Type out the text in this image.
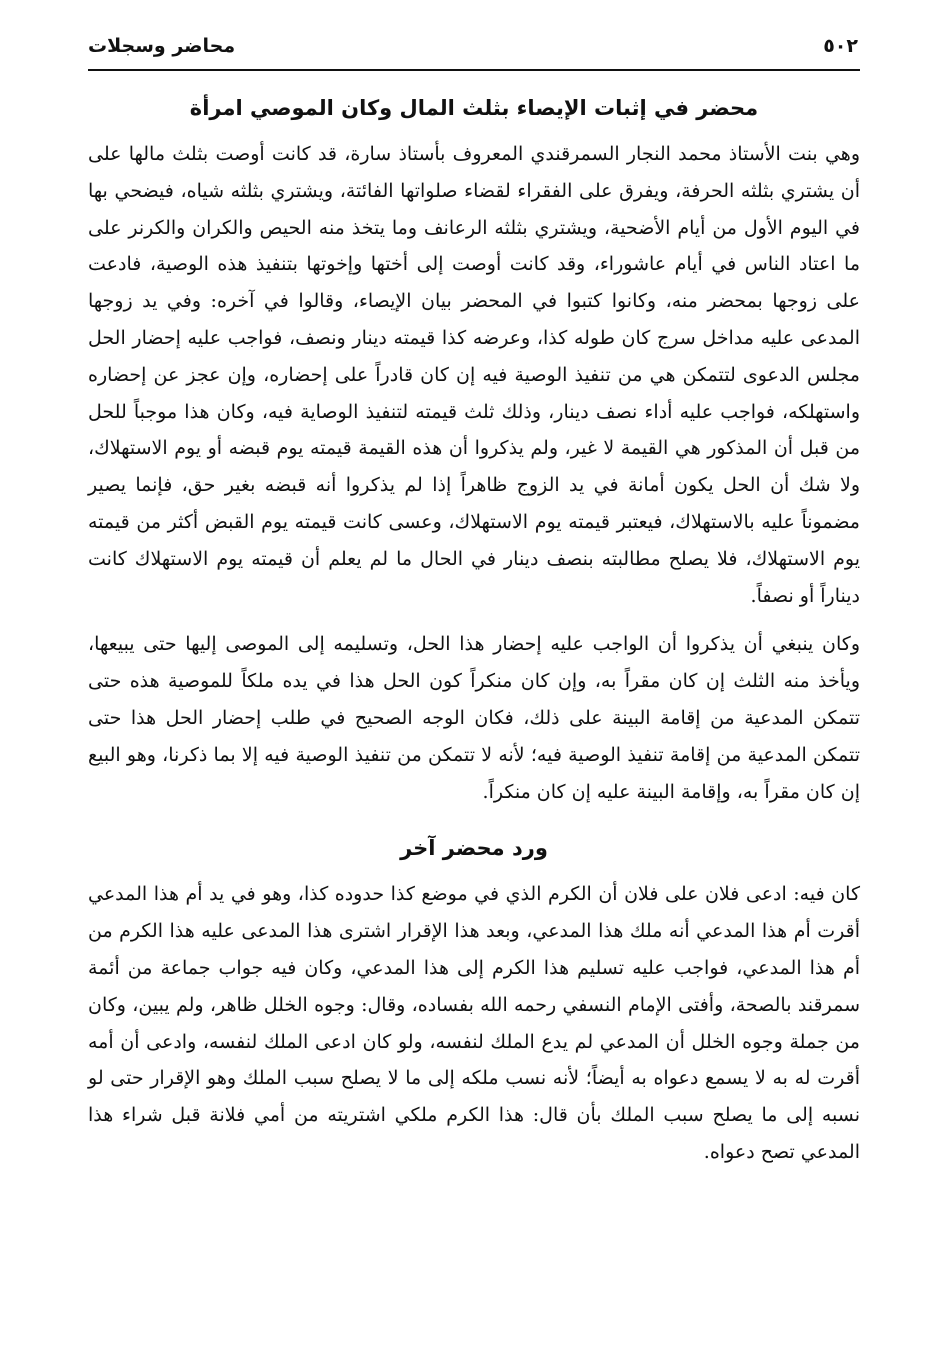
٥٠٢
محاضر وسجلات
محضر في إثبات الإيصاء بثلث المال وكان الموصي امرأة

وهي بنت الأستاذ محمد النجار السمرقندي المعروف بأستاذ سارة، قد كانت أوصت بثلث مالها على أن يشتري بثلثه الحرفة، ويفرق على الفقراء لقضاء صلواتها الفائتة، ويشتري بثلثه شياه، فيضحي بها في اليوم الأول من أيام الأضحية، ويشتري بثلثه الرعانف وما يتخذ منه الحيص والكران والكرنر على ما اعتاد الناس في أيام عاشوراء، وقد كانت أوصت إلى أختها وإخوتها بتنفيذ هذه الوصية، فادعت على زوجها بمحضر منه، وكانوا كتبوا في المحضر بيان الإيصاء، وقالوا في آخره: وفي يد زوجها المدعى عليه مداخل سرج كان طوله كذا، وعرضه كذا قيمته دينار ونصف، فواجب عليه إحضار الحل مجلس الدعوى لتتمكن هي من تنفيذ الوصية فيه إن كان قادراً على إحضاره، وإن عجز عن إحضاره واستهلكه، فواجب عليه أداء نصف دينار، وذلك ثلث قيمته لتنفيذ الوصاية فيه، وكان هذا موجباً للحل من قبل أن المذكور هي القيمة لا غير، ولم يذكروا أن هذه القيمة قيمته يوم قبضه أو يوم الاستهلاك، ولا شك أن الحل يكون أمانة في يد الزوج ظاهراً إذا لم يذكروا أنه قبضه بغير حق، فإنما يصير مضموناً عليه بالاستهلاك، فيعتبر قيمته يوم الاستهلاك، وعسى كانت قيمته يوم القبض أكثر من قيمته يوم الاستهلاك، فلا يصلح مطالبته بنصف دينار في الحال ما لم يعلم أن قيمته يوم الاستهلاك كانت ديناراً أو نصفاً.

وكان ينبغي أن يذكروا أن الواجب عليه إحضار هذا الحل، وتسليمه إلى الموصى إليها حتى يبيعها، ويأخذ منه الثلث إن كان مقراً به، وإن كان منكراً كون الحل هذا في يده ملكاً للموصية هذه حتى تتمكن المدعية من إقامة البينة على ذلك، فكان الوجه الصحيح في طلب إحضار الحل هذا حتى تتمكن المدعية من إقامة تنفيذ الوصية فيه؛ لأنه لا تتمكن من تنفيذ الوصية فيه إلا بما ذكرنا، وهو البيع إن كان مقراً به، وإقامة البينة عليه إن كان منكراً.

ورد محضر آخر

كان فيه: ادعى فلان على فلان أن الكرم الذي في موضع كذا حدوده كذا، وهو في يد أم هذا المدعي أقرت أم هذا المدعي أنه ملك هذا المدعي، وبعد هذا الإقرار اشترى هذا المدعى عليه هذا الكرم من أم هذا المدعي، فواجب عليه تسليم هذا الكرم إلى هذا المدعي، وكان فيه جواب جماعة من أئمة سمرقند بالصحة، وأفتى الإمام النسفي رحمه الله بفساده، وقال: وجوه الخلل ظاهر، ولم يبين، وكان من جملة وجوه الخلل أن المدعي لم يدع الملك لنفسه، ولو كان ادعى الملك لنفسه، وادعى أن أمه أقرت له به لا يسمع دعواه به أيضاً؛ لأنه نسب ملكه إلى ما لا يصلح سبب الملك وهو الإقرار حتى لو نسبه إلى ما يصلح سبب الملك بأن قال: هذا الكرم ملكي اشتريته من أمي فلانة قبل شراء هذا المدعي تصح دعواه.
